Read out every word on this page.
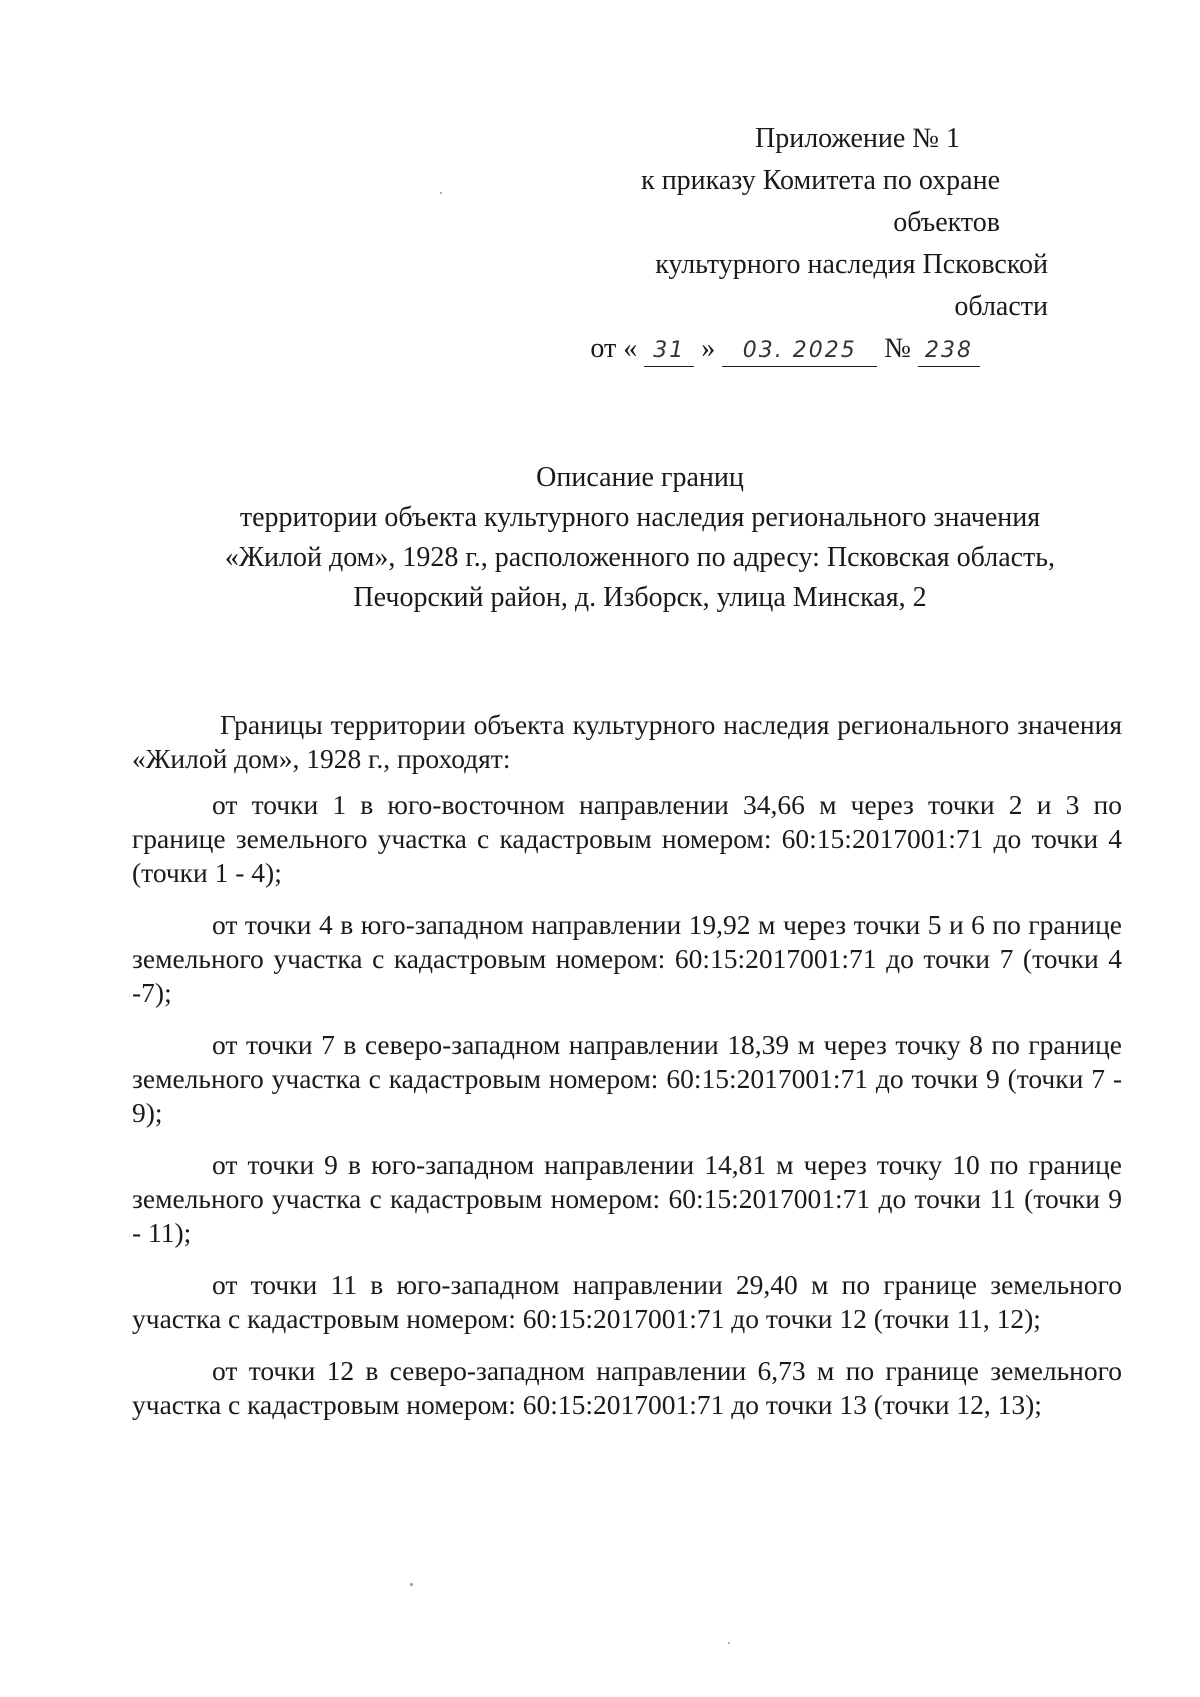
Приложение № 1
к приказу Комитета по охране объектов
культурного наследия Псковской области
от « 31 » 03. 2025 № 238
Описание границ
территории объекта культурного наследия регионального значения
«Жилой дом», 1928 г., расположенного по адресу: Псковская область,
Печорский район, д. Изборск, улица Минская, 2

Границы территории объекта культурного наследия регионального значения «Жилой дом», 1928 г., проходят:

от точки 1 в юго-восточном направлении 34,66 м через точки 2 и 3 по границе земельного участка с кадастровым номером: 60:15:2017001:71 до точки 4 (точки 1 - 4);

от точки 4 в юго-западном направлении 19,92 м через точки 5 и 6 по границе земельного участка с кадастровым номером: 60:15:2017001:71 до точки 7 (точки 4 -7);

от точки 7 в северо-западном направлении 18,39 м через точку 8 по границе земельного участка с кадастровым номером: 60:15:2017001:71 до точки 9 (точки 7 - 9);

от точки 9 в юго-западном направлении 14,81 м через точку 10 по границе земельного участка с кадастровым номером: 60:15:2017001:71 до точки 11 (точки 9 - 11);

от точки 11 в юго-западном направлении 29,40 м по границе земельного участка с кадастровым номером: 60:15:2017001:71 до точки 12 (точки 11, 12);

от точки 12 в северо-западном направлении 6,73 м по границе земельного участка с кадастровым номером: 60:15:2017001:71 до точки 13 (точки 12, 13);
